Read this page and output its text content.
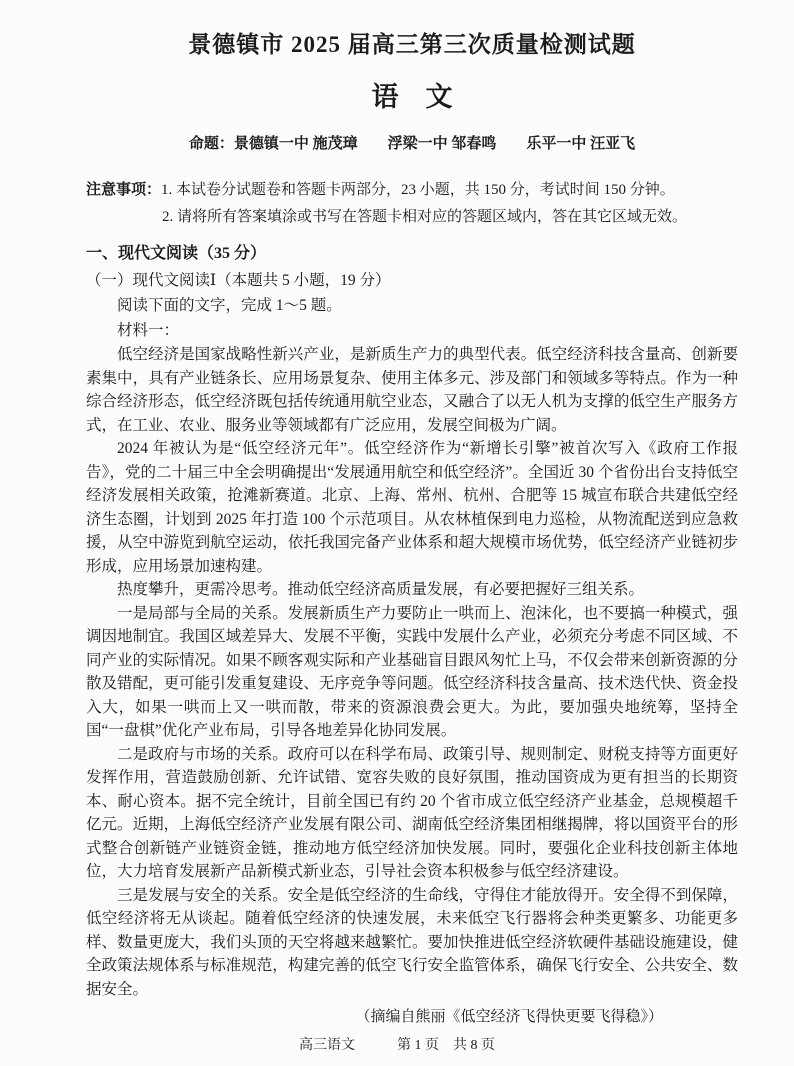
景德镇市 2025 届高三第三次质量检测试题
语　文
命题：景德镇一中 施茂璋　　浮梁一中 邹春鸣　　乐平一中 汪亚飞
注意事项：1. 本试卷分试题卷和答题卡两部分，23 小题，共 150 分，考试时间 150 分钟。
2. 请将所有答案填涂或书写在答题卡相对应的答题区域内，答在其它区域无效。
一、现代文阅读（35 分）
（一）现代文阅读Ⅰ（本题共 5 小题，19 分）
阅读下面的文字，完成 1～5 题。
材料一：

低空经济是国家战略性新兴产业，是新质生产力的典型代表。低空经济科技含量高、创新要素集中，具有产业链条长、应用场景复杂、使用主体多元、涉及部门和领域多等特点。作为一种综合经济形态，低空经济既包括传统通用航空业态，又融合了以无人机为支撑的低空生产服务方式，在工业、农业、服务业等领域都有广泛应用，发展空间极为广阔。

2024 年被认为是“低空经济元年”。低空经济作为“新增长引擎”被首次写入《政府工作报告》，党的二十届三中全会明确提出“发展通用航空和低空经济”。全国近 30 个省份出台支持低空经济发展相关政策，抢滩新赛道。北京、上海、常州、杭州、合肥等 15 城宣布联合共建低空经济生态圈，计划到 2025 年打造 100 个示范项目。从农林植保到电力巡检，从物流配送到应急救援，从空中游览到航空运动，依托我国完备产业体系和超大规模市场优势，低空经济产业链初步形成，应用场景加速构建。

热度攀升，更需冷思考。推动低空经济高质量发展，有必要把握好三组关系。

一是局部与全局的关系。发展新质生产力要防止一哄而上、泡沫化，也不要搞一种模式，强调因地制宜。我国区域差异大、发展不平衡，实践中发展什么产业，必须充分考虑不同区域、不同产业的实际情况。如果不顾客观实际和产业基础盲目跟风匆忙上马，不仅会带来创新资源的分散及错配，更可能引发重复建设、无序竞争等问题。低空经济科技含量高、技术迭代快、资金投入大，如果一哄而上又一哄而散，带来的资源浪费会更大。为此，要加强央地统筹，坚持全国“一盘棋”优化产业布局，引导各地差异化协同发展。

二是政府与市场的关系。政府可以在科学布局、政策引导、规则制定、财税支持等方面更好发挥作用，营造鼓励创新、允许试错、宽容失败的良好氛围，推动国资成为更有担当的长期资本、耐心资本。据不完全统计，目前全国已有约 20 个省市成立低空经济产业基金，总规模超千亿元。近期，上海低空经济产业发展有限公司、湖南低空经济集团相继揭牌，将以国资平台的形式整合创新链产业链资金链，推动地方低空经济加快发展。同时，要强化企业科技创新主体地位，大力培育发展新产品新模式新业态，引导社会资本积极参与低空经济建设。

三是发展与安全的关系。安全是低空经济的生命线，守得住才能放得开。安全得不到保障，低空经济将无从谈起。随着低空经济的快速发展，未来低空飞行器将会种类更繁多、功能更多样、数量更庞大，我们头顶的天空将越来越繁忙。要加快推进低空经济软硬件基础设施建设，健全政策法规体系与标准规范，构建完善的低空飞行安全监管体系，确保飞行安全、公共安全、数据安全。

（摘编自熊丽《低空经济飞得快更要飞得稳》）
高三语文　　　第 1 页　共 8 页
